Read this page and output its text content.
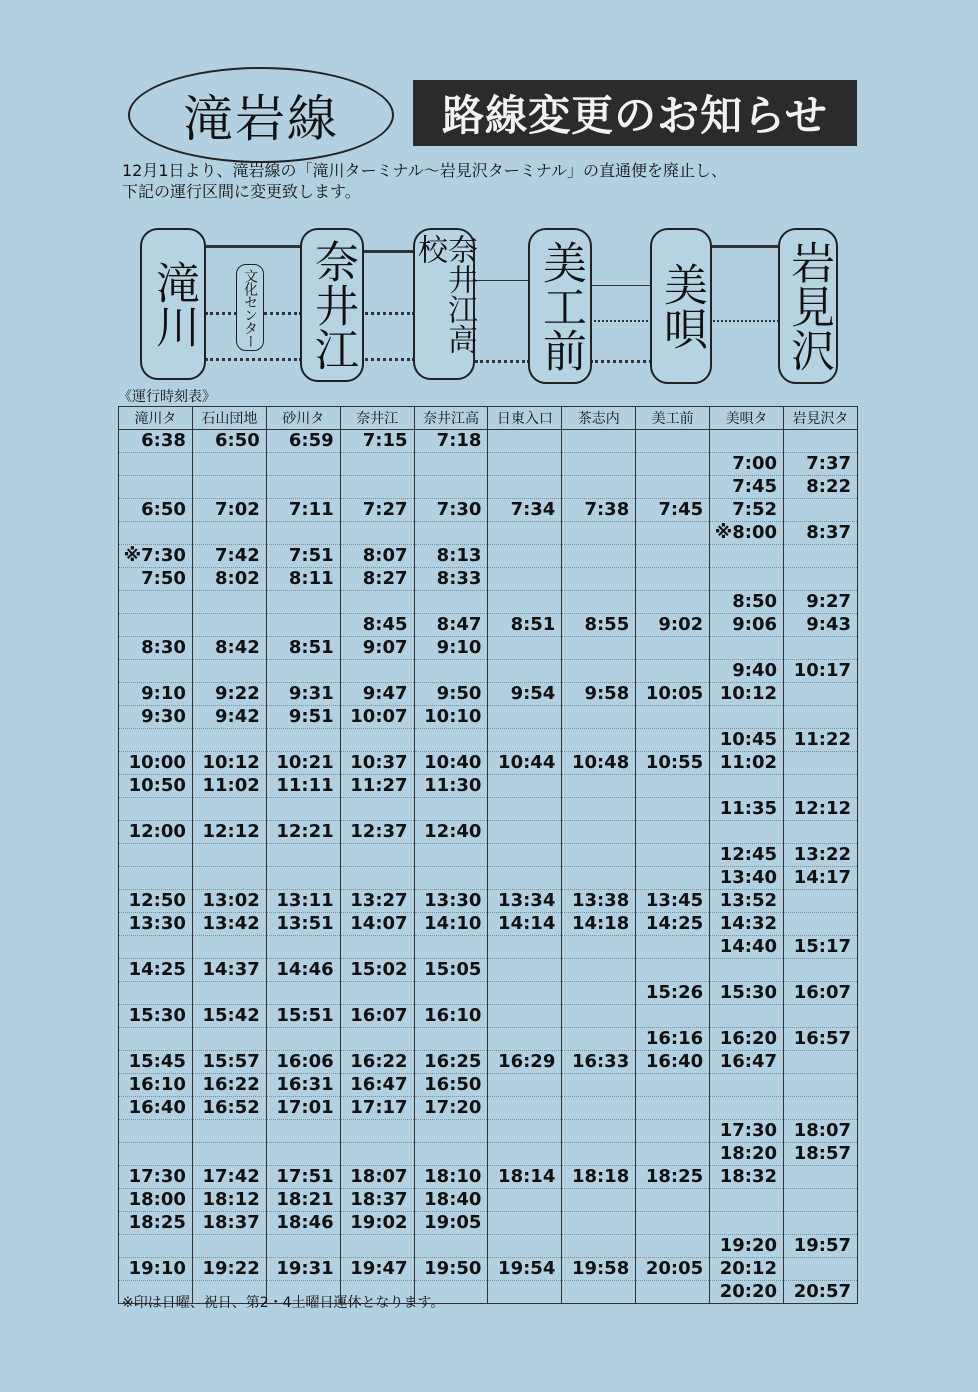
滝岩線 路線変更のお知らせ
12月1日より、滝岩線の「滝川ターミナル～岩見沢ターミナル」の直通便を廃止し、
下記の運行区間に変更致します。
滝川	文化センター 奈井江	奈井江高校	美工前 美唄 岩見沢
《運行時刻表》
滝川タ	石山団地	砂川タ	奈井江	奈井江高	日東入口	茶志内	美工前	美唄タ	岩見沢タ
6:38	6:50	6:59	7:15	7:18					
								7:00	7:37
								7:45	8:22
6:50	7:02	7:11	7:27	7:30	7:34	7:38	7:45	7:52	
								※8:00	8:37
※7:30	7:42	7:51	8:07	8:13					
7:50	8:02	8:11	8:27	8:33					
								8:50	9:27
			8:45	8:47	8:51	8:55	9:02	9:06	9:43
8:30	8:42	8:51	9:07	9:10					
								9:40	10:17
9:10	9:22	9:31	9:47	9:50	9:54	9:58	10:05	10:12	
9:30	9:42	9:51	10:07	10:10					
								10:45	11:22
10:00	10:12	10:21	10:37	10:40	10:44	10:48	10:55	11:02	
10:50	11:02	11:11	11:27	11:30					
								11:35	12:12
12:00	12:12	12:21	12:37	12:40					
								12:45	13:22
								13:40	14:17
12:50	13:02	13:11	13:27	13:30	13:34	13:38	13:45	13:52	
13:30	13:42	13:51	14:07	14:10	14:14	14:18	14:25	14:32	
								14:40	15:17
14:25	14:37	14:46	15:02	15:05					
							15:26	15:30	16:07
15:30	15:42	15:51	16:07	16:10					
							16:16	16:20	16:57
15:45	15:57	16:06	16:22	16:25	16:29	16:33	16:40	16:47	
16:10	16:22	16:31	16:47	16:50					
16:40	16:52	17:01	17:17	17:20					
								17:30	18:07
								18:20	18:57
17:30	17:42	17:51	18:07	18:10	18:14	18:18	18:25	18:32	
18:00	18:12	18:21	18:37	18:40					
18:25	18:37	18:46	19:02	19:05					
								19:20	19:57
19:10	19:22	19:31	19:47	19:50	19:54	19:58	20:05	20:12	
								20:20	20:57
※印は日曜、祝日、第2・4土曜日運休となります。
